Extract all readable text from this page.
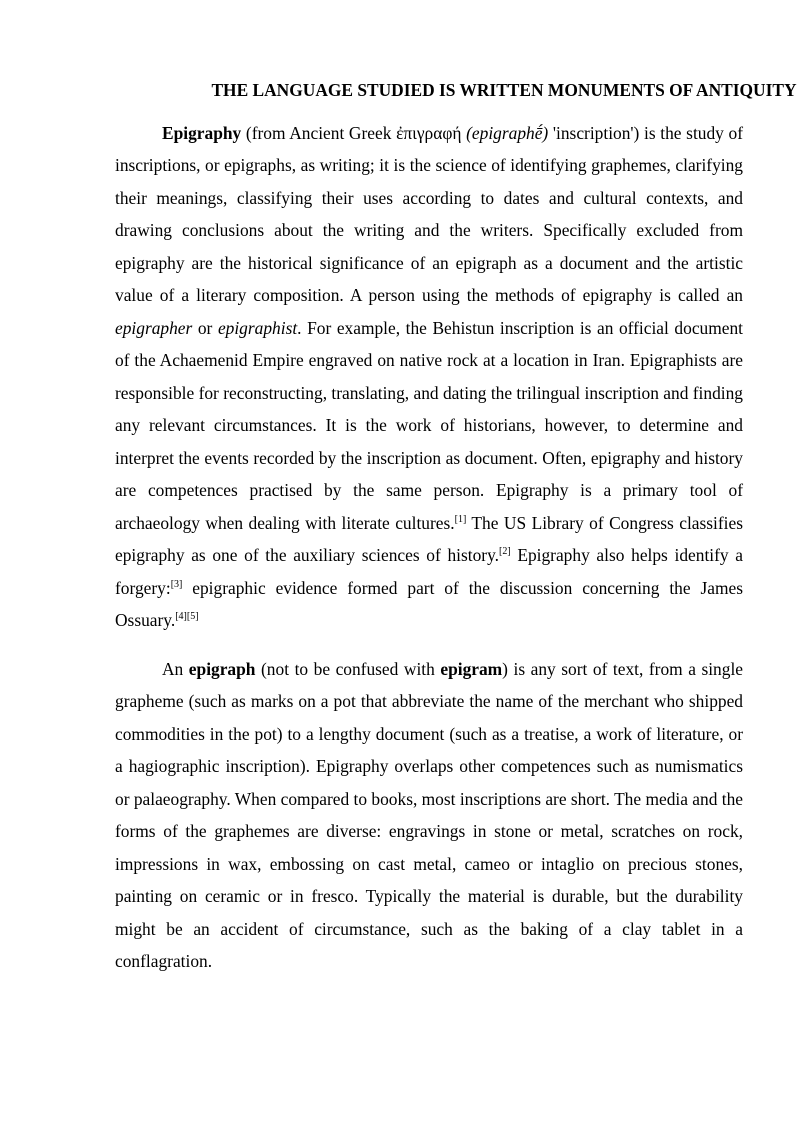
THE LANGUAGE STUDIED IS WRITTEN MONUMENTS OF ANTIQUITY

Epigraphy (from Ancient Greek ἐπιγραφή (epigraphḗ) 'inscription') is the study of inscriptions, or epigraphs, as writing; it is the science of identifying graphemes, clarifying their meanings, classifying their uses according to dates and cultural contexts, and drawing conclusions about the writing and the writers. Specifically excluded from epigraphy are the historical significance of an epigraph as a document and the artistic value of a literary composition. A person using the methods of epigraphy is called an epigrapher or epigraphist. For example, the Behistun inscription is an official document of the Achaemenid Empire engraved on native rock at a location in Iran. Epigraphists are responsible for reconstructing, translating, and dating the trilingual inscription and finding any relevant circumstances. It is the work of historians, however, to determine and interpret the events recorded by the inscription as document. Often, epigraphy and history are competences practised by the same person. Epigraphy is a primary tool of archaeology when dealing with literate cultures.[1] The US Library of Congress classifies epigraphy as one of the auxiliary sciences of history.[2] Epigraphy also helps identify a forgery:[3] epigraphic evidence formed part of the discussion concerning the James Ossuary.[4][5]

An epigraph (not to be confused with epigram) is any sort of text, from a single grapheme (such as marks on a pot that abbreviate the name of the merchant who shipped commodities in the pot) to a lengthy document (such as a treatise, a work of literature, or a hagiographic inscription). Epigraphy overlaps other competences such as numismatics or palaeography. When compared to books, most inscriptions are short. The media and the forms of the graphemes are diverse: engravings in stone or metal, scratches on rock, impressions in wax, embossing on cast metal, cameo or intaglio on precious stones, painting on ceramic or in fresco. Typically the material is durable, but the durability might be an accident of circumstance, such as the baking of a clay tablet in a conflagration.
